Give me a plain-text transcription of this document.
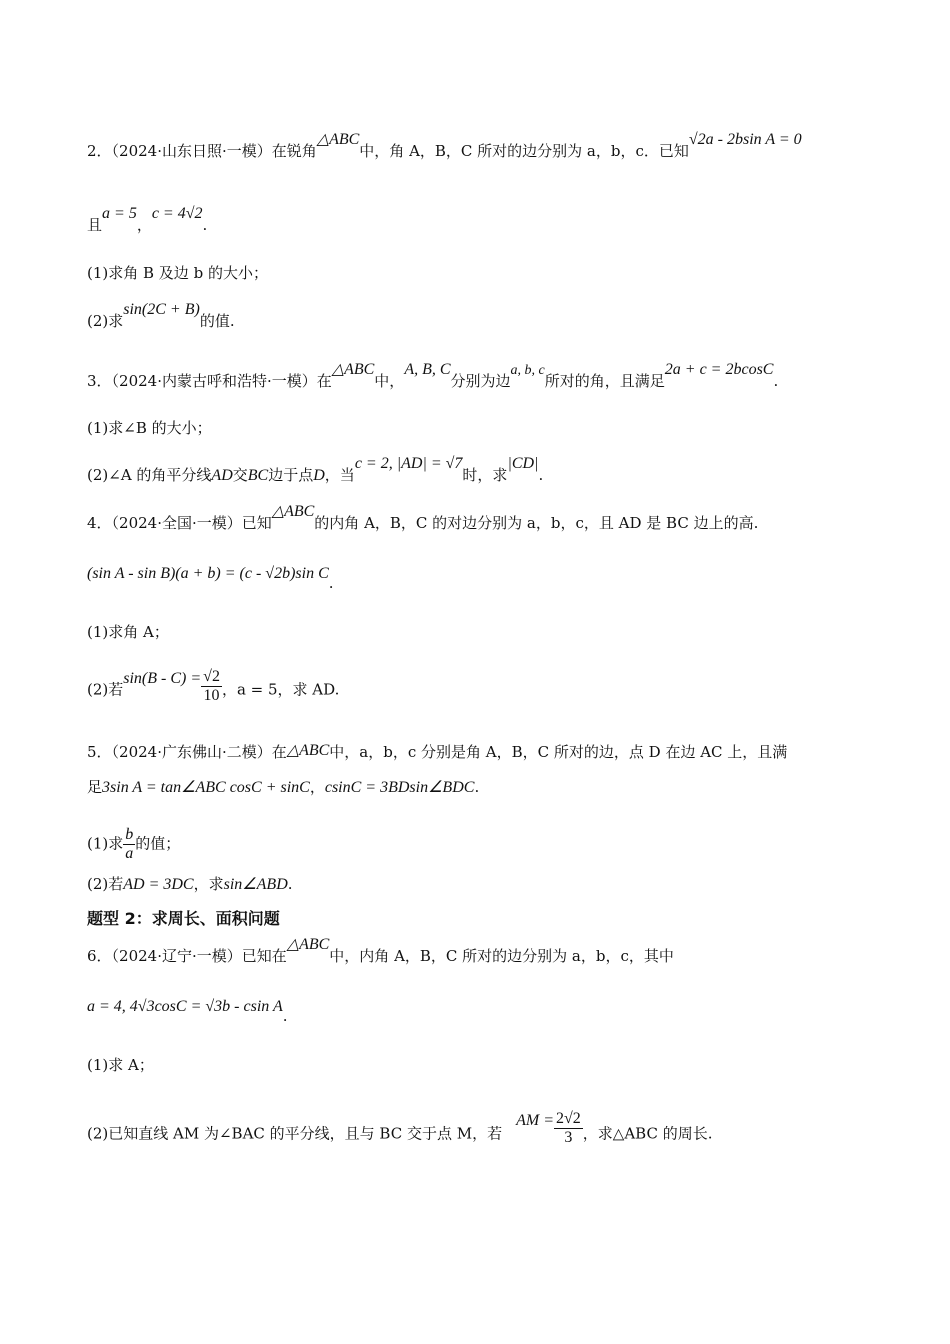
2．（2024·山东日照·一模）在锐角△ABC中，角 A，B，C 所对的边分别为 a，b，c．已知√2a - 2bsin A = 0
且a = 5，c = 4√2.
(1)求角 B 及边 b 的大小；
(2)求sin(2C + B)的值.
3．（2024·内蒙古呼和浩特·一模）在△ABC中，A, B, C分别为边a, b, c所对的角，且满足2a + c = 2bcosC.
(1)求∠B 的大小；
(2)∠A 的角平分线AD交BC边于点D，当c = 2, |AD| = √7时，求|CD|.
4．（2024·全国·一模）已知△ABC的内角 A，B，C 的对边分别为 a，b，c，且 AD 是 BC 边上的高.
(sin A - sin B)(a + b) = (c - √2b)sin C.
(1)求角 A；
(2)若$\sin(B - C) = \frac{√2}{10}$ ，a = 5，求 AD.
5．（2024·广东佛山·二模）在△ABC中，a，b，c 分别是角 A，B，C 所对的边，点 D 在边 AC 上，且满
足3sin A = tan∠ABC cosC + sinC，csinC = 3BDsin∠BDC.
(1)求 $\frac{b}{a}$ 的值；
(2)若AD = 3DC，求sin∠ABD.
题型 2：求周长、面积问题
6．（2024·辽宁·一模）已知在△ABC中，内角 A，B，C 所对的边分别为 a，b，c，其中
a = 4, 4√3cosC = √3b - csin A.
(1)求 A；
(2)已知直线 AM 为∠BAC 的平分线，且与 BC 交于点 M，若AM = $\frac{2√2}{3}$ ，求△ABC 的周长.
